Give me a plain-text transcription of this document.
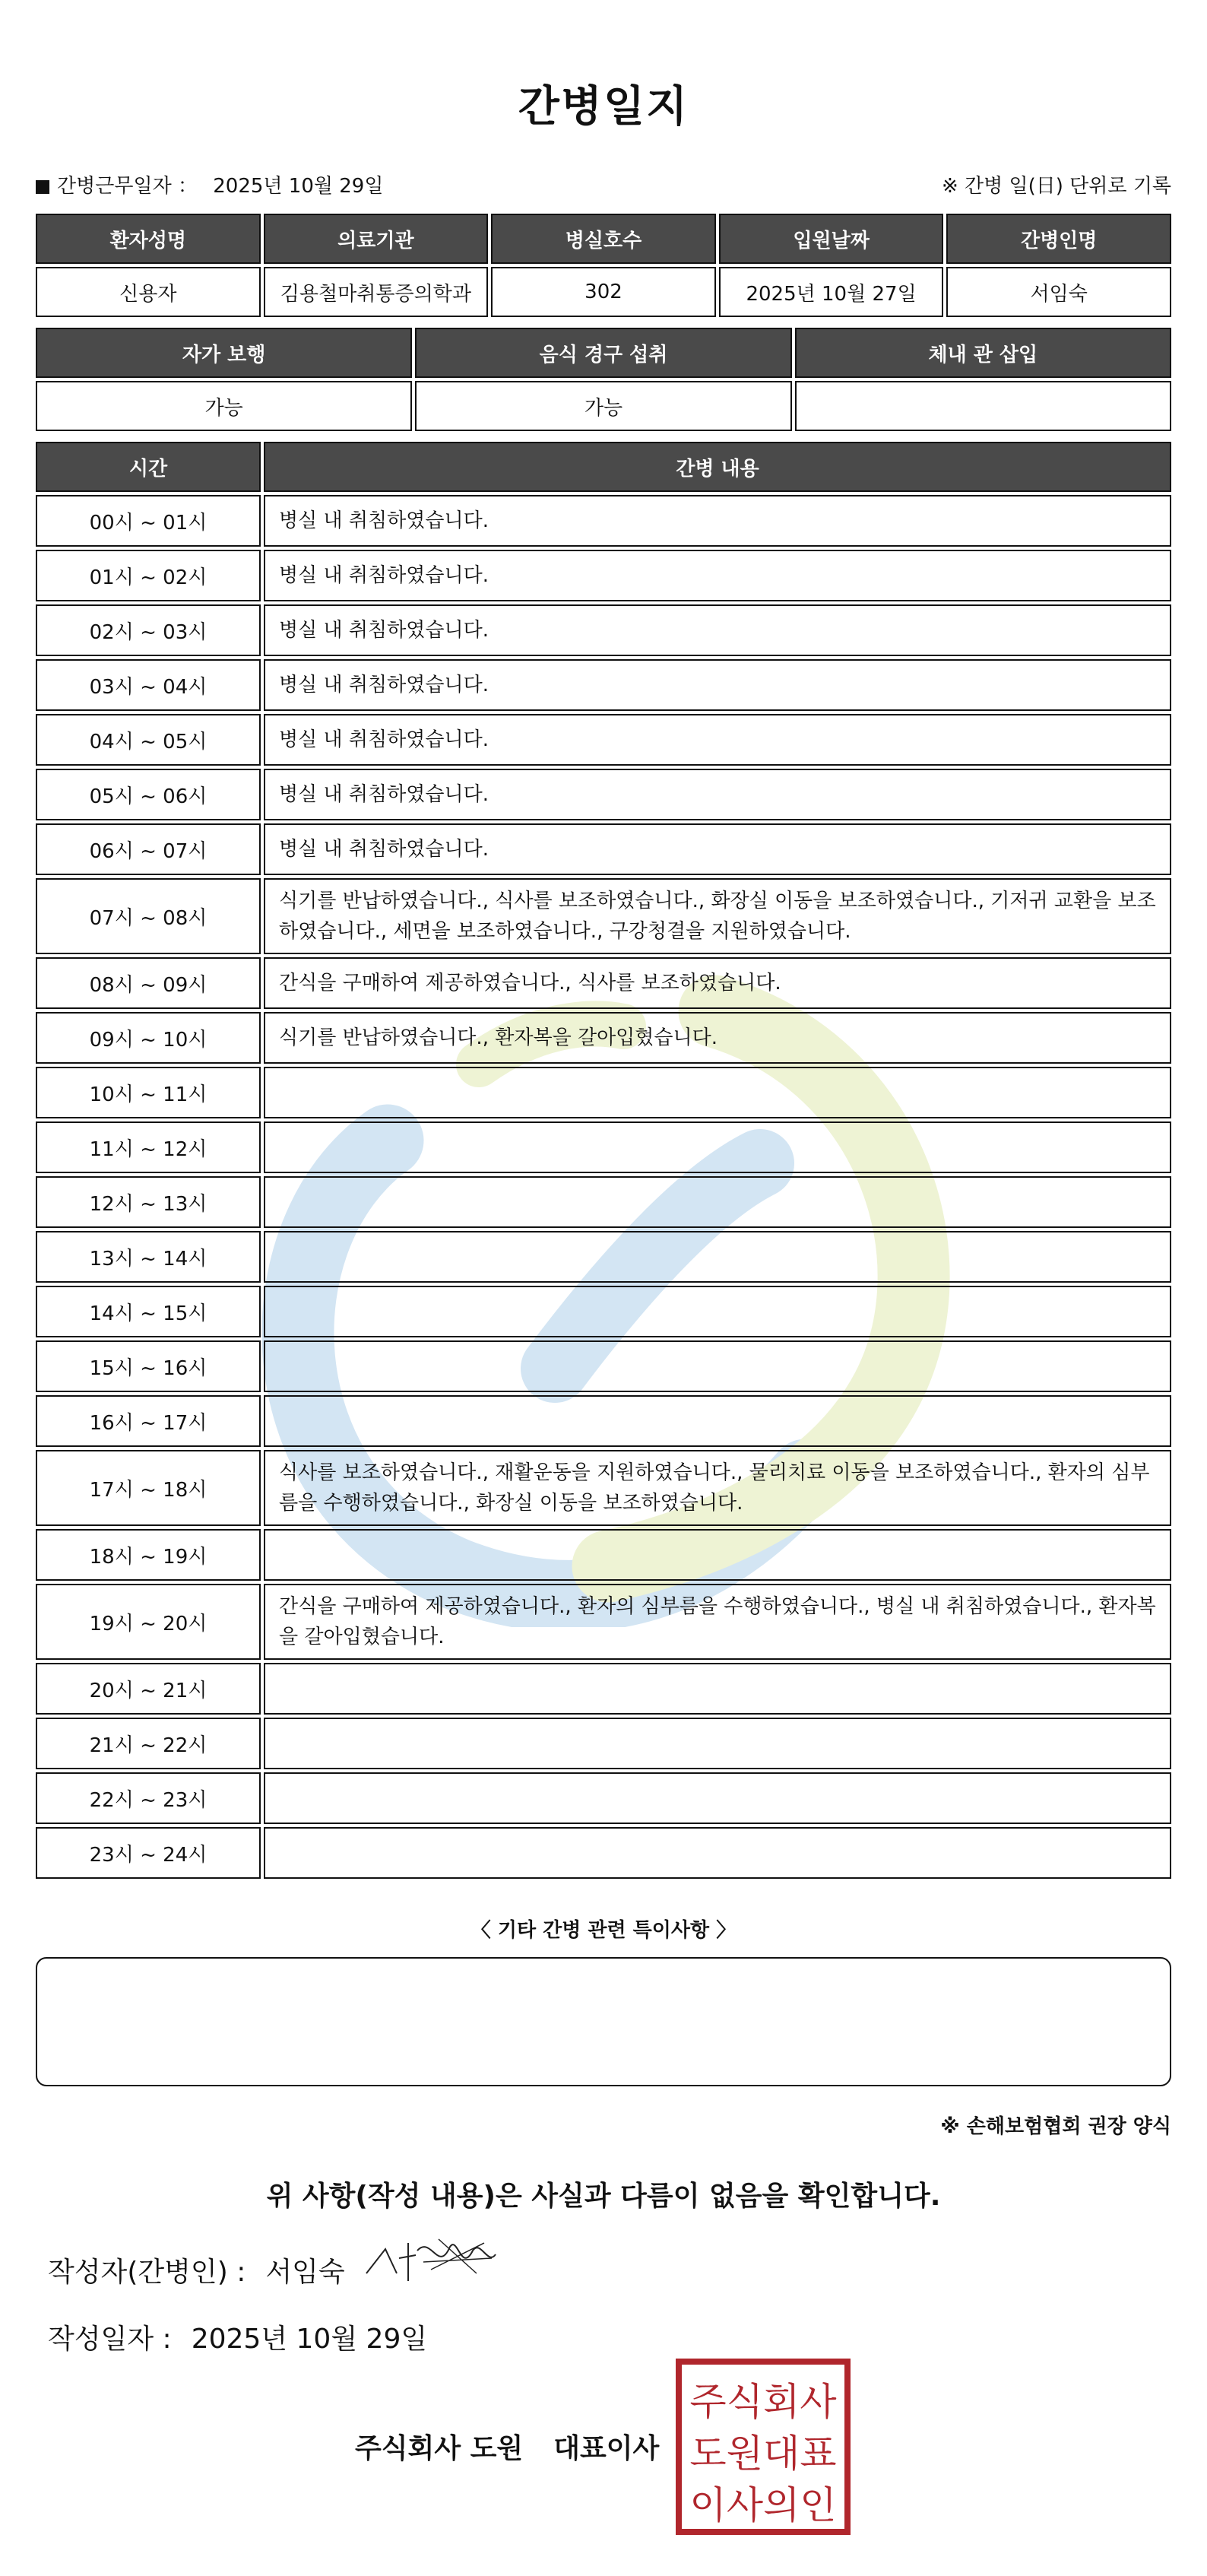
간병일지
간병근무일자 ： 2025년 10월 29일	※ 간병 일(日) 단위로 기록
환자성명	의료기관	병실호수	입원날짜	간병인명
신용자	김용철마취통증의학과	302	2025년 10월 27일	서임숙
자가 보행	음식 경구 섭취	체내 관 삽입
가능	가능	
시간	간병 내용
00시 ~ 01시	병실 내 취침하였습니다.
01시 ~ 02시	병실 내 취침하였습니다.
02시 ~ 03시	병실 내 취침하였습니다.
03시 ~ 04시	병실 내 취침하였습니다.
04시 ~ 05시	병실 내 취침하였습니다.
05시 ~ 06시	병실 내 취침하였습니다.
06시 ~ 07시	병실 내 취침하였습니다.
07시 ~ 08시	식기를 반납하였습니다., 식사를 보조하였습니다., 화장실 이동을 보조하였습니다., 기저귀 교환을 보조하였습니다., 세면을 보조하였습니다., 구강청결을 지원하였습니다.
08시 ~ 09시	간식을 구매하여 제공하였습니다., 식사를 보조하였습니다.
09시 ~ 10시	식기를 반납하였습니다., 환자복을 갈아입혔습니다.
10시 ~ 11시	
11시 ~ 12시	
12시 ~ 13시	
13시 ~ 14시	
14시 ~ 15시	
15시 ~ 16시	
16시 ~ 17시	
17시 ~ 18시	식사를 보조하였습니다., 재활운동을 지원하였습니다., 물리치료 이동을 보조하였습니다., 환자의 심부름을 수행하였습니다., 화장실 이동을 보조하였습니다.
18시 ~ 19시	
19시 ~ 20시	간식을 구매하여 제공하였습니다., 환자의 심부름을 수행하였습니다., 병실 내 취침하였습니다., 환자복을 갈아입혔습니다.
20시 ~ 21시	
21시 ~ 22시	
22시 ~ 23시	
23시 ~ 24시	
〈 기타 간병 관련 특이사항 〉
※ 손해보험협회 권장 양식
위 사항(작성 내용)은 사실과 다름이 없음을 확인합니다.
작성자(간병인) : 서임숙
작성일자 : 2025년 10월 29일
주식회사 도원 대표이사
주식회사
도원대표
이사의인
